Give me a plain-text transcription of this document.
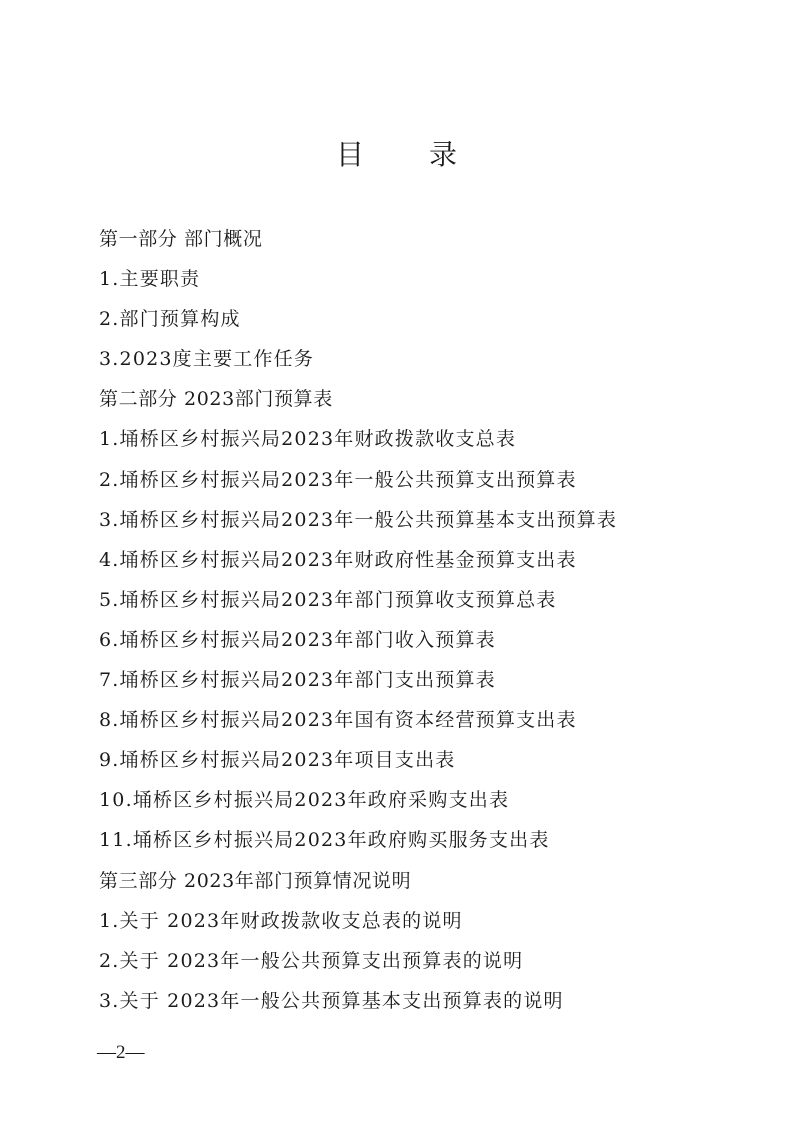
目 录
第一部分 部门概况
1.主要职责
2.部门预算构成
3.2023度主要工作任务
第二部分 2023部门预算表
1.埇桥区乡村振兴局2023年财政拨款收支总表
2.埇桥区乡村振兴局2023年一般公共预算支出预算表
3.埇桥区乡村振兴局2023年一般公共预算基本支出预算表
4.埇桥区乡村振兴局2023年财政府性基金预算支出表
5.埇桥区乡村振兴局2023年部门预算收支预算总表
6.埇桥区乡村振兴局2023年部门收入预算表
7.埇桥区乡村振兴局2023年部门支出预算表
8.埇桥区乡村振兴局2023年国有资本经营预算支出表
9.埇桥区乡村振兴局2023年项目支出表
10.埇桥区乡村振兴局2023年政府采购支出表
11.埇桥区乡村振兴局2023年政府购买服务支出表
第三部分 2023年部门预算情况说明
1.关于 2023年财政拨款收支总表的说明
2.关于 2023年一般公共预算支出预算表的说明
3.关于 2023年一般公共预算基本支出预算表的说明
—2—
